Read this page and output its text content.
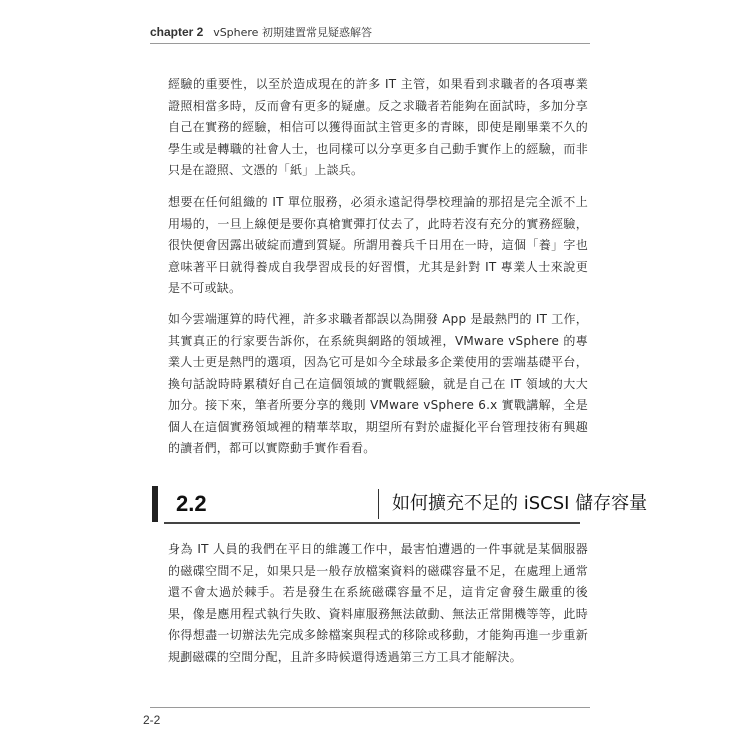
chapter 2 vSphere 初期建置常見疑惑解答

經驗的重要性，以至於造成現在的許多 IT 主管，如果看到求職者的各項專業證照相當多時，反而會有更多的疑慮。反之求職者若能夠在面試時，多加分享自己在實務的經驗，相信可以獲得面試主管更多的青睞，即使是剛畢業不久的學生或是轉職的社會人士，也同樣可以分享更多自己動手實作上的經驗，而非只是在證照、文憑的「紙」上談兵。

想要在任何組織的 IT 單位服務，必須永遠記得學校理論的那招是完全派不上用場的，一旦上線便是要你真槍實彈打仗去了，此時若沒有充分的實務經驗，很快便會因露出破綻而遭到質疑。所謂用養兵千日用在一時，這個「養」字也意味著平日就得養成自我學習成長的好習慣，尤其是針對 IT 專業人士來說更是不可或缺。

如今雲端運算的時代裡，許多求職者都誤以為開發 App 是最熱門的 IT 工作，其實真正的行家要告訴你，在系統與網路的領域裡，VMware vSphere 的專業人士更是熱門的選項，因為它可是如今全球最多企業使用的雲端基礎平台，換句話說時時累積好自己在這個領域的實戰經驗，就是自己在 IT 領域的大大加分。接下來，筆者所要分享的幾則 VMware vSphere 6.x 實戰講解，全是個人在這個實務領域裡的精華萃取，期望所有對於虛擬化平台管理技術有興趣的讀者們，都可以實際動手實作看看。

2.2	如何擴充不足的 iSCSI 儲存容量

身為 IT 人員的我們在平日的維護工作中，最害怕遭遇的一件事就是某個服器的磁碟空間不足，如果只是一般存放檔案資料的磁碟容量不足，在處理上通常還不會太過於棘手。若是發生在系統磁碟容量不足，這肯定會發生嚴重的後果，像是應用程式執行失敗、資料庫服務無法啟動、無法正常開機等等，此時你得想盡一切辦法先完成多餘檔案與程式的移除或移動，才能夠再進一步重新規劃磁碟的空間分配，且許多時候還得透過第三方工具才能解決。

2-2
